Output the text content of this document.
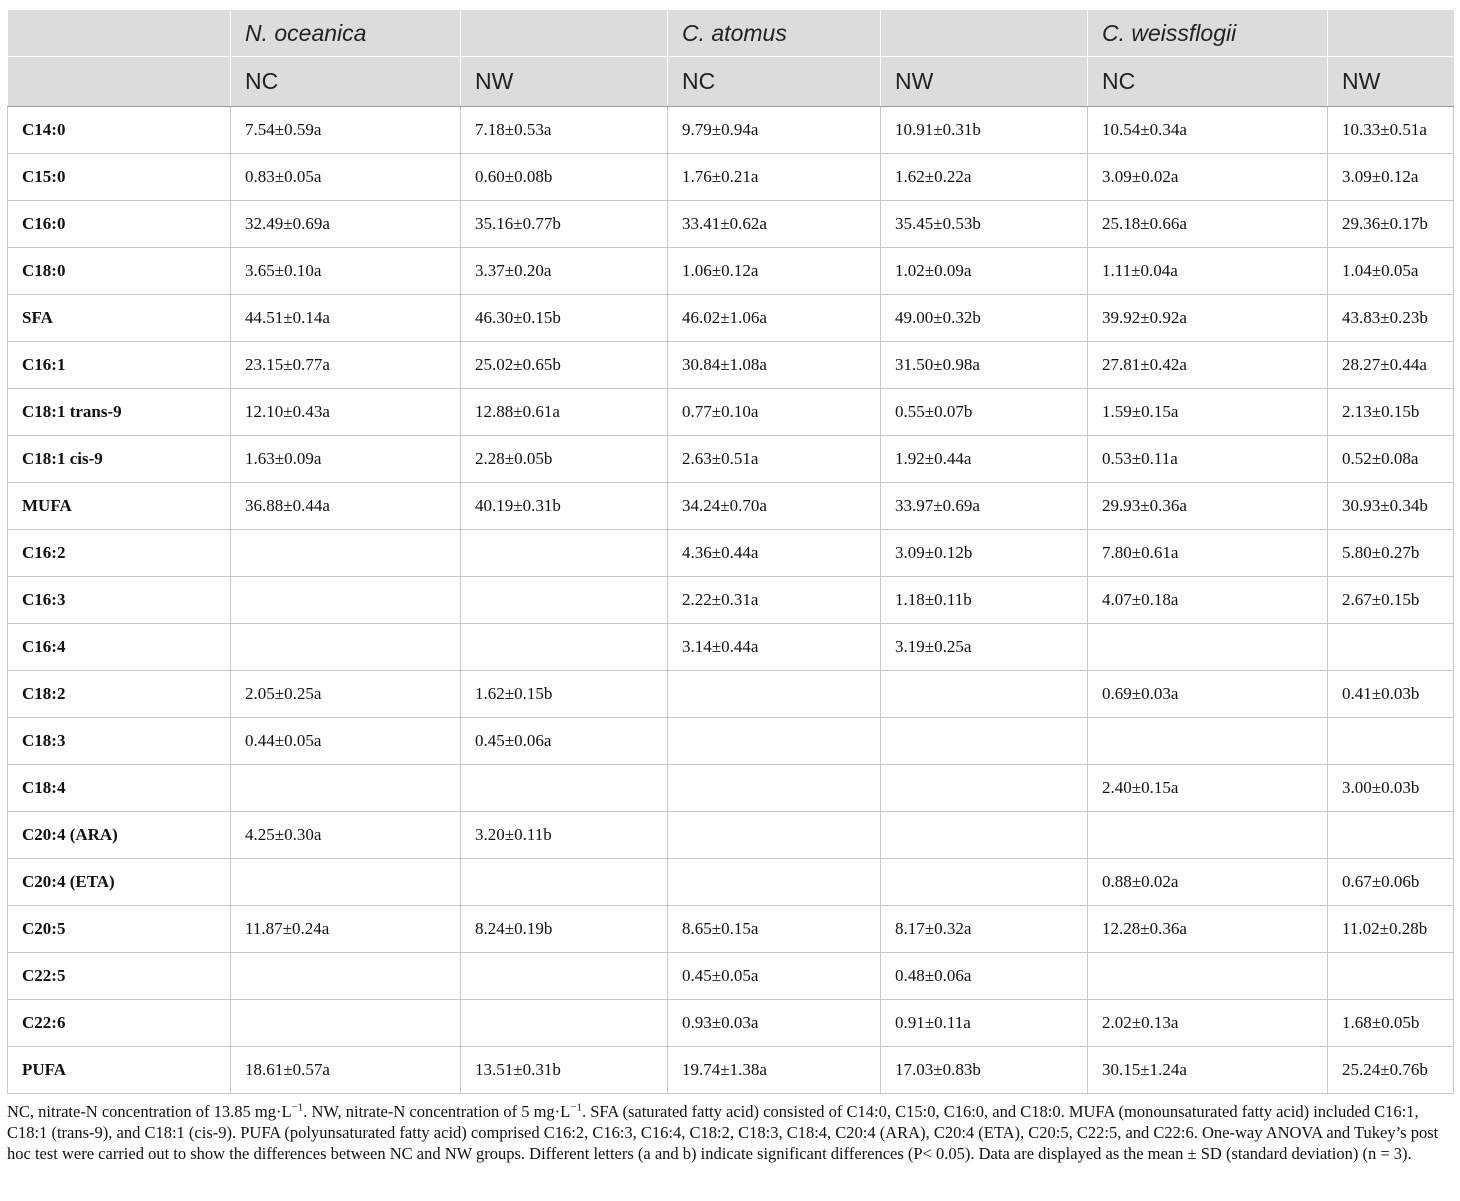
	N. oceanica		C. atomus		C. weissflogii	
	NC	NW	NC	NW	NC	NW
C14:0	7.54±0.59a	7.18±0.53a	9.79±0.94a	10.91±0.31b	10.54±0.34a	10.33±0.51a
C15:0	0.83±0.05a	0.60±0.08b	1.76±0.21a	1.62±0.22a	3.09±0.02a	3.09±0.12a
C16:0	32.49±0.69a	35.16±0.77b	33.41±0.62a	35.45±0.53b	25.18±0.66a	29.36±0.17b
C18:0	3.65±0.10a	3.37±0.20a	1.06±0.12a	1.02±0.09a	1.11±0.04a	1.04±0.05a
SFA	44.51±0.14a	46.30±0.15b	46.02±1.06a	49.00±0.32b	39.92±0.92a	43.83±0.23b
C16:1	23.15±0.77a	25.02±0.65b	30.84±1.08a	31.50±0.98a	27.81±0.42a	28.27±0.44a
C18:1 trans-9	12.10±0.43a	12.88±0.61a	0.77±0.10a	0.55±0.07b	1.59±0.15a	2.13±0.15b
C18:1 cis-9	1.63±0.09a	2.28±0.05b	2.63±0.51a	1.92±0.44a	0.53±0.11a	0.52±0.08a
MUFA	36.88±0.44a	40.19±0.31b	34.24±0.70a	33.97±0.69a	29.93±0.36a	30.93±0.34b
C16:2			4.36±0.44a	3.09±0.12b	7.80±0.61a	5.80±0.27b
C16:3			2.22±0.31a	1.18±0.11b	4.07±0.18a	2.67±0.15b
C16:4			3.14±0.44a	3.19±0.25a		
C18:2	2.05±0.25a	1.62±0.15b			0.69±0.03a	0.41±0.03b
C18:3	0.44±0.05a	0.45±0.06a				
C18:4					2.40±0.15a	3.00±0.03b
C20:4 (ARA)	4.25±0.30a	3.20±0.11b				
C20:4 (ETA)					0.88±0.02a	0.67±0.06b
C20:5	11.87±0.24a	8.24±0.19b	8.65±0.15a	8.17±0.32a	12.28±0.36a	11.02±0.28b
C22:5			0.45±0.05a	0.48±0.06a		
C22:6			0.93±0.03a	0.91±0.11a	2.02±0.13a	1.68±0.05b
PUFA	18.61±0.57a	13.51±0.31b	19.74±1.38a	17.03±0.83b	30.15±1.24a	25.24±0.76b
NC, nitrate-N concentration of 13.85 $mg\cdot L^{-1}$. NW, nitrate-N concentration of 5 $mg\cdot L^{-1}$. SFA (saturated fatty acid) consisted of C14:0, C15:0, C16:0, and C18:0. MUFA (monounsaturated fatty acid) included C16:1, C18:1 (trans-9), and C18:1 (cis-9). PUFA (polyunsaturated fatty acid) comprised C16:2, C16:3, C16:4, C18:2, C18:3, C18:4, C20:4 (ARA), C20:4 (ETA), C20:5, C22:5, and C22:6. One-way ANOVA and Tukey’s post hoc test were carried out to show the differences between NC and NW groups. Different letters (a and b) indicate significant differences (P< 0.05). Data are displayed as the mean ± SD (standard deviation) (n = 3).
